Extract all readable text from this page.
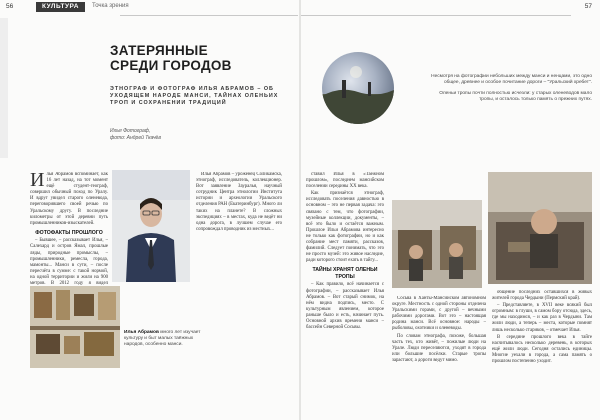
56	КУЛЬТУРА	Точка зрения	57
ЗАТЕРЯННЫЕ
СРЕДИ ГОРОДОВ
ЭТНОГРАФ И ФОТОГРАФ ИЛЬЯ АБРАМОВ – ОБ УХОДЯЩЕМ НАРОДЕ МАНСИ, ТАЙНАХ ОЛЕНЬИХ ТРОП И СОХРАНЕНИИ ТРАДИЦИЙ
Илья Фотограф,
фото: Андрей Ткачёв
Несмотря на фотографии небольших между манси и ненцами, это одно общее, древнее и особое почитание дороги – "Уральский хребет".
Оленьи тропы почти полностью исчезли: у старых оленеводов мало тропы, и осталось только память о прежних путях.

И лья Абрамов вспоминает, как 16 лет назад, на тот момент ещё студент-географ, совершил обычный поход по Уралу. И вдруг увидел старого оленевода, переговорившего своей речью по Уральскому другу. В последние километры от этой деревни путь промышленников-изыскателей.

ФОТОФАКТЫ ПРОШЛОГО

– Бывшее, – рассказывает Илья, – Салехард и остров Ямал, прошлые ляды, природные промыслы, – промышленники, ремесла, города, мамонты... Манси в сути, – после пересчёта в сумме: с такой нормой, на одной территории и жили на 900 метров. В 2012 году я видел

Илья Абрамов – уроженец Соликамска, этнограф, исследователь, коллекционер. Вот заявление Зауралья, научный сотрудник Центра этнологии Института истории и археологии Уральского отделения РАН (Екатеринбург). Много ли таких на планете? В сложных экспедициях – в местах, куда не ведёт ни одна дорога, в лучшем случае его сопровождал проводник из местных...

Илья Абрамов много лет изучает культуру и быт малых таёжных народов, особенно манси.

ставил Илья в «Таёжном прошлом», последнем мансийском поселении середины XX века.

Как признаётся этнограф, исследовать поселения давностью в основном – это не первая задача: это связано с тем, что фотографии, музейные коллекции, документы, – всё это было и остаётся важным. Прошлое Ильи Абрамова интересно не только как фотографии, но и как собрание мест памяти, рассказов, фамилий. Следует понимать, что это не просто музей: это живое наследие, ради которого стоит ехать в тайгу...

ТАЙНЫ ХРАНЯТ ОЛЕНЬИ ТРОПЫ

– Как правило, всё начинается с фотографии, – рассказывает Илья Абрамов. – Вот старый снимок, на нём видна подпись, место. С культурным явлением, которое раньше было и есть, начинает путь. Основной архив времени манси – бассейн Северной Сосьвы.

Сосьва в Ханты-Мансийском автономном округе. Местность с одной стороны отделена Уральскими горами, с другой – вечными рабочими дорогами. Вот это – настоящая родина манси. Всё основное: народы – рыболовы, охотники и оленеводы.

По словам этнографа, похоже, большая часть тех, кто живёт, – пожилые люди на Урале. Люди переселяются, уходят в города или большие посёлки. Старые тропы зарастают, а дороги ведут мимо.

общение последних оставшихся в живых жителей города Чердыни (Пермский край).

– Представляете, в XVII веке всякий был огромным: в глуши, в самом бору отсюда, здесь, где мы находимся, – и как раз в Чердыни. Там жили люди, а теперь – места, которые помнят лишь несколько стариков, – отмечает Илья.

В середине прошлого века в тайге насчитывалось несколько деревень, в которых ещё жили люди. Сегодня остались единицы. Многие уехали в города, а сама память о прошлом постепенно уходит.
